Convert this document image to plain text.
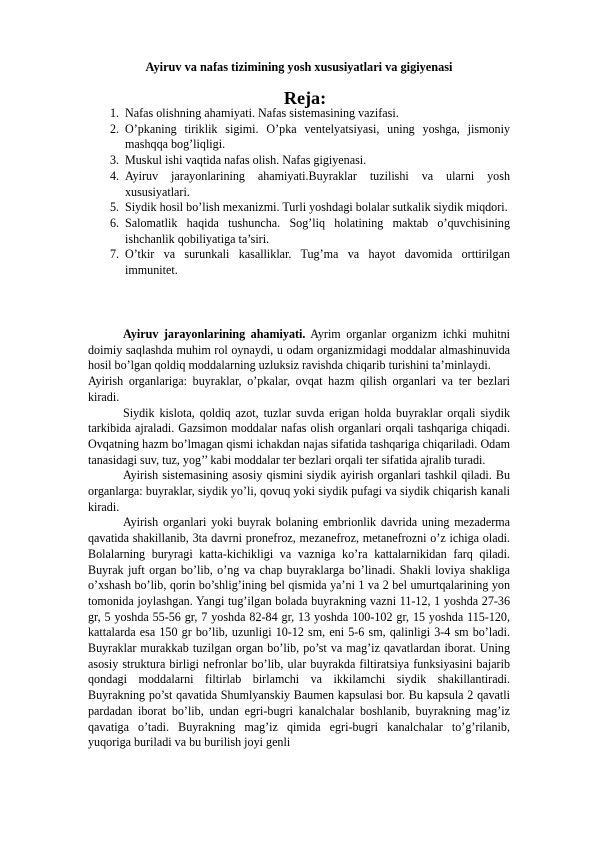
Ayiruv va nafas tizimining yosh xususiyatlari va gigiyenasi
Reja:
1. Nafas olishning ahamiyati. Nafas sistemasining vazifasi.
2. O’pkaning tiriklik sigimi. O’pka ventelyatsiyasi, uning yoshga, jismoniy mashqqa bog’liqligi.
3. Muskul ishi vaqtida nafas olish. Nafas gigiyenasi.
4. Ayiruv jarayonlarining ahamiyati.Buyraklar tuzilishi va ularni yosh xususiyatlari.
5. Siydik hosil bo’lish mexanizmi. Turli yoshdagi bolalar sutkalik siydik miqdori.
6. Salomatlik haqida tushuncha. Sog’liq holatining maktab o’quvchisining ishchanlik qobiliyatiga ta’siri.
7. O’tkir va surunkali kasalliklar. Tug’ma va hayot davomida orttirilgan immunitet.

Ayiruv jarayonlarining ahamiyati. Ayrim organlar organizm ichki muhitni doimiy saqlashda muhim rol oynaydi, u odam organizmidagi moddalar almashinuvida hosil bo’lgan qoldiq moddalarning uzluksiz ravishda chiqarib turishini ta’minlaydi.

Ayirish organlariga: buyraklar, o’pkalar, ovqat hazm qilish organlari va ter bezlari kiradi.

Siydik kislota, qoldiq azot, tuzlar suvda erigan holda buyraklar orqali siydik tarkibida ajraladi. Gazsimon moddalar nafas olish organlari orqali tashqariga chiqadi. Ovqatning hazm bo’lmagan qismi ichakdan najas sifatida tashqariga chiqariladi. Odam tanasidagi suv, tuz, yog’’ kabi moddalar ter bezlari orqali ter sifatida ajralib turadi.

Ayirish sistemasining asosiy qismini siydik ayirish organlari tashkil qiladi. Bu organlarga: buyraklar, siydik yo’li, qovuq yoki siydik pufagi va siydik chiqarish kanali kiradi.

Ayirish organlari yoki buyrak bolaning embrionlik davrida uning mezaderma qavatida shakillanib, 3ta davrni pronefroz, mezanefroz, metanefrozni o’z ichiga oladi. Bolalarning buryragi katta-kichikligi va vazniga ko’ra kattalarnikidan farq qiladi. Buyrak juft organ bo’lib, o’ng va chap buyraklarga bo’linadi. Shakli loviya shakliga o’xshash bo’lib, qorin bo’shlig’ining bel qismida ya’ni 1 va 2 bel umurtqalarining yon tomonida joylashgan. Yangi tug’ilgan bolada buyrakning vazni 11-12, 1 yoshda 27-36 gr, 5 yoshda 55-56 gr, 7 yoshda 82-84 gr, 13 yoshda 100-102 gr, 15 yoshda 115-120, kattalarda esa 150 gr bo’lib, uzunligi 10-12 sm, eni 5-6 sm, qalinligi 3-4 sm bo’ladi. Buyraklar murakkab tuzilgan organ bo’lib, po’st va mag’iz qavatlardan iborat. Uning asosiy struktura birligi nefronlar bo’lib, ular buyrakda filtiratsiya funksiyasini bajarib qondagi moddalarni filtirlab birlamchi va ikkilamchi siydik shakillantiradi. Buyrakning po’st qavatida Shumlyanskiy Baumen kapsulasi bor. Bu kapsula 2 qavatli pardadan iborat bo’lib, undan egri-bugri kanalchalar boshlanib, buyrakning mag’iz qavatiga o’tadi. Buyrakning mag’iz qimida egri-bugri kanalchalar to’g’rilanib, yuqoriga buriladi va bu burilish joyi genli
